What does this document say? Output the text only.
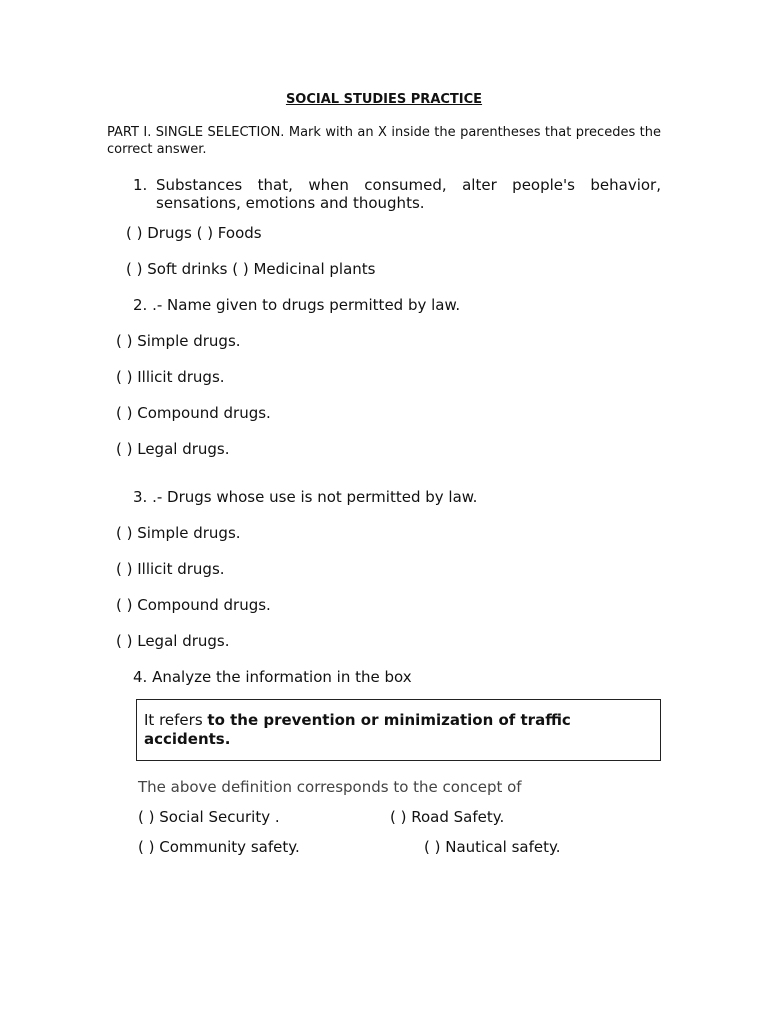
SOCIAL STUDIES PRACTICE
PART I. SINGLE SELECTION. Mark with an X inside the parentheses that precedes the correct answer.
1. Substances that, when consumed, alter people's behavior, sensations, emotions and thoughts.
( ) Drugs ( ) Foods
( ) Soft drinks ( ) Medicinal plants
2. .- Name given to drugs permitted by law.
( ) Simple drugs.
( ) Illicit drugs.
( ) Compound drugs.
( ) Legal drugs.
3. .- Drugs whose use is not permitted by law.
( ) Simple drugs.
( ) Illicit drugs.
( ) Compound drugs.
( ) Legal drugs.
4. Analyze the information in the box
It refers to the prevention or minimization of traffic accidents.
The above definition corresponds to the concept of
( ) Social Security .	( ) Road Safety.
( ) Community safety.	( ) Nautical safety.
